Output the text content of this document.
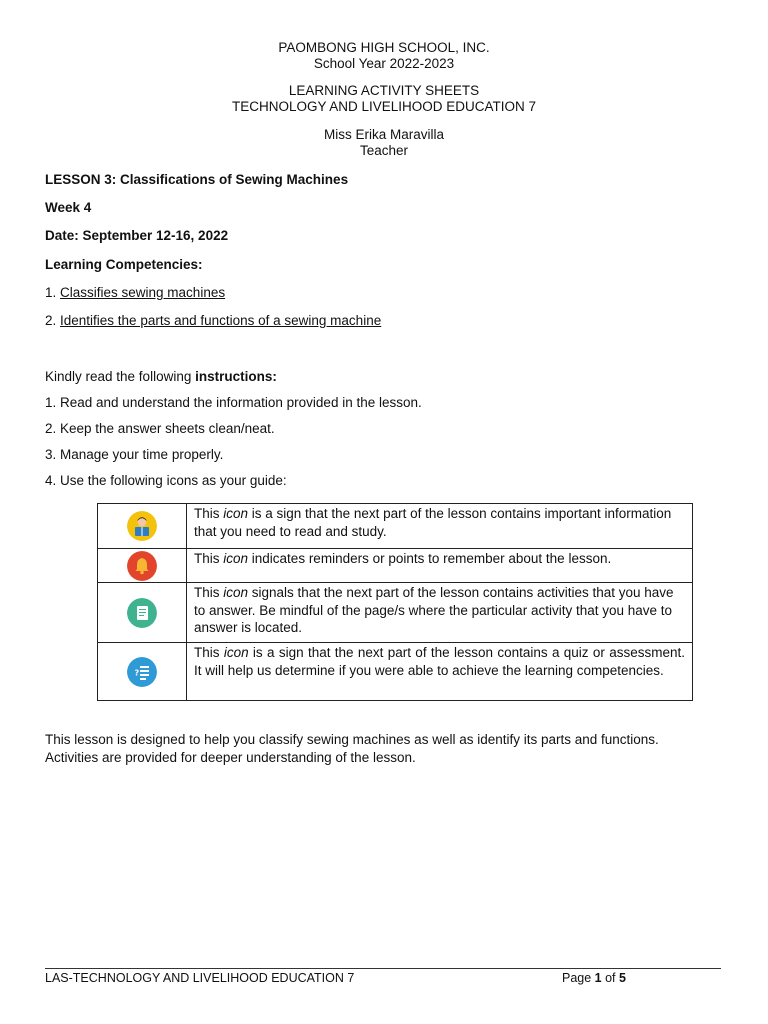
PAOMBONG HIGH SCHOOL, INC.
School Year 2022-2023
LEARNING ACTIVITY SHEETS
TECHNOLOGY AND LIVELIHOOD EDUCATION 7
Miss Erika Maravilla
Teacher
LESSON 3: Classifications of Sewing Machines
Week 4
Date: September 12-16, 2022
Learning Competencies:
1. Classifies sewing machines
2. Identifies the parts and functions of a sewing machine
Kindly read the following instructions:
1. Read and understand the information provided in the lesson.
2. Keep the answer sheets clean/neat.
3. Manage your time properly.
4. Use the following icons as your guide:
	This icon is a sign that the next part of the lesson contains important information that you need to read and study.

	This icon indicates reminders or points to remember about the lesson.

	This icon signals that the next part of the lesson contains activities that you have to answer. Be mindful of the page/s where the particular activity that you have to answer is located.

?	This icon is a sign that the next part of the lesson contains a quiz or assessment. It will help us determine if you were able to achieve the learning competencies.
This lesson is designed to help you classify sewing machines as well as identify its parts and functions. Activities are provided for deeper understanding of the lesson.
LAS-TECHNOLOGY AND LIVELIHOOD EDUCATION 7	Page 1 of 5
